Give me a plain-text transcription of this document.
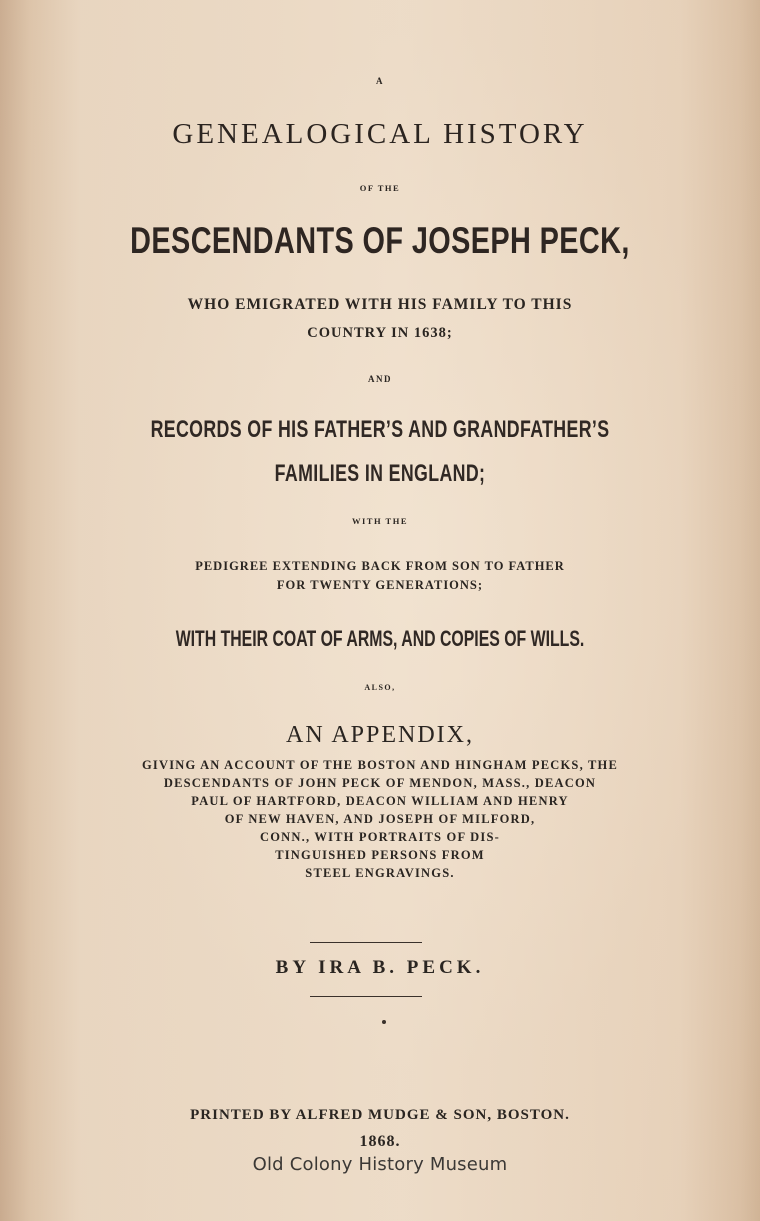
A
GENEALOGICAL HISTORY
OF THE
DESCENDANTS OF JOSEPH PECK,
WHO EMIGRATED WITH HIS FAMILY TO THIS
COUNTRY IN 1638;
AND
RECORDS OF HIS FATHER’S AND GRANDFATHER’S
FAMILIES IN ENGLAND;
WITH THE
PEDIGREE EXTENDING BACK FROM SON TO FATHER
FOR TWENTY GENERATIONS;
WITH THEIR COAT OF ARMS, AND COPIES OF WILLS.
ALSO,
AN APPENDIX,
GIVING AN ACCOUNT OF THE BOSTON AND HINGHAM PECKS, THE
DESCENDANTS OF JOHN PECK OF MENDON, MASS., DEACON
PAUL OF HARTFORD, DEACON WILLIAM AND HENRY
OF NEW HAVEN, AND JOSEPH OF MILFORD,
CONN., WITH PORTRAITS OF DIS-
TINGUISHED PERSONS FROM
STEEL ENGRAVINGS.
BY IRA B. PECK.
PRINTED BY ALFRED MUDGE & SON, BOSTON.
1868.
Old Colony History Museum
